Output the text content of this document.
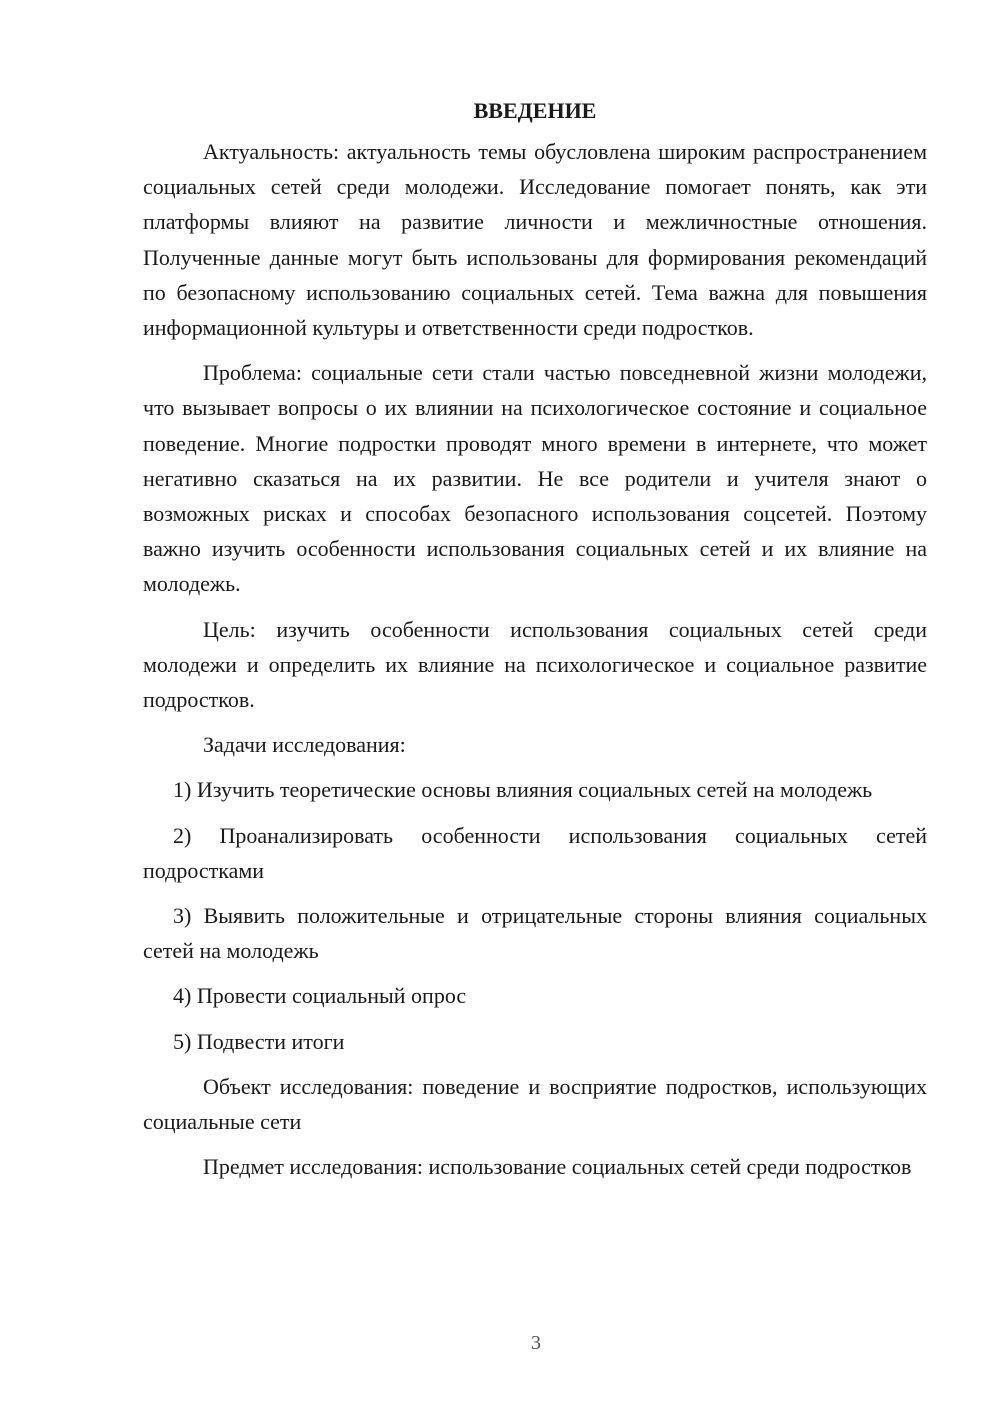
ВВЕДЕНИЕ

Актуальность: актуальность темы обусловлена широким распространением социальных сетей среди молодежи. Исследование помогает понять, как эти платформы влияют на развитие личности и межличностные отношения. Полученные данные могут быть использованы для формирования рекомендаций по безопасному использованию социальных сетей. Тема важна для повышения информационной культуры и ответственности среди подростков.

Проблема: социальные сети стали частью повседневной жизни молодежи, что вызывает вопросы о их влиянии на психологическое состояние и социальное поведение. Многие подростки проводят много времени в интернете, что может негативно сказаться на их развитии. Не все родители и учителя знают о возможных рисках и способах безопасного использования соцсетей. Поэтому важно изучить особенности использования социальных сетей и их влияние на молодежь.

Цель: изучить особенности использования социальных сетей среди молодежи и определить их влияние на психологическое и социальное развитие подростков.

Задачи исследования:

1) Изучить теоретические основы влияния социальных сетей на молодежь

2) Проанализировать особенности использования социальных сетей подростками

3) Выявить положительные и отрицательные стороны влияния социальных сетей на молодежь

4) Провести социальный опрос

5) Подвести итоги

Объект исследования: поведение и восприятие подростков, использующих социальные сети

Предмет исследования: использование социальных сетей среди подростков

3
